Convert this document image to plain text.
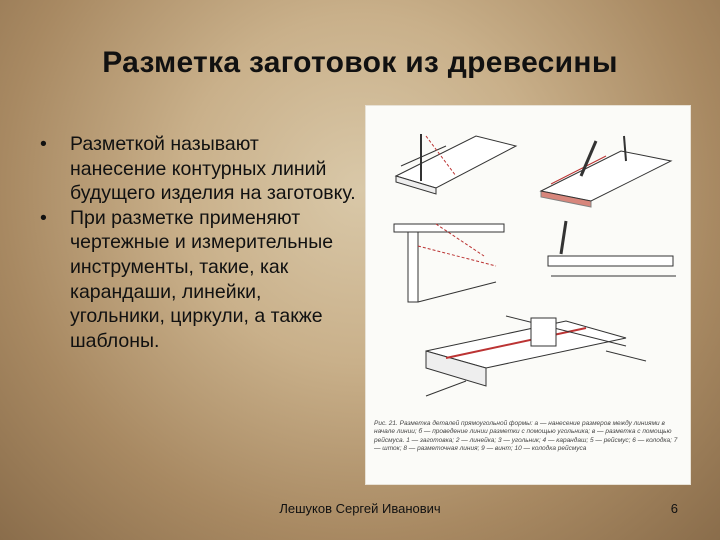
Разметка заготовок из древесины
• Разметкой называют нанесение контурных линий будущего изделия на заготовку.
• При разметке применяют чертежные и измерительные инструменты, такие, как карандаши, линейки, угольники, циркули, а также шаблоны.
Рис. 21. Разметка деталей прямоугольной формы: а — нанесение размеров между линиями в начале линии; б — проведение линии разметки с помощью угольника; в — разметка с помощью рейсмуса. 1 — заготовка; 2 — линейка; 3 — угольник; 4 — карандаш; 5 — рейсмус; 6 — колодка; 7 — шток; 8 — разметочная линия; 9 — винт; 10 — колодка рейсмуса
Лешуков Сергей Иванович	6
